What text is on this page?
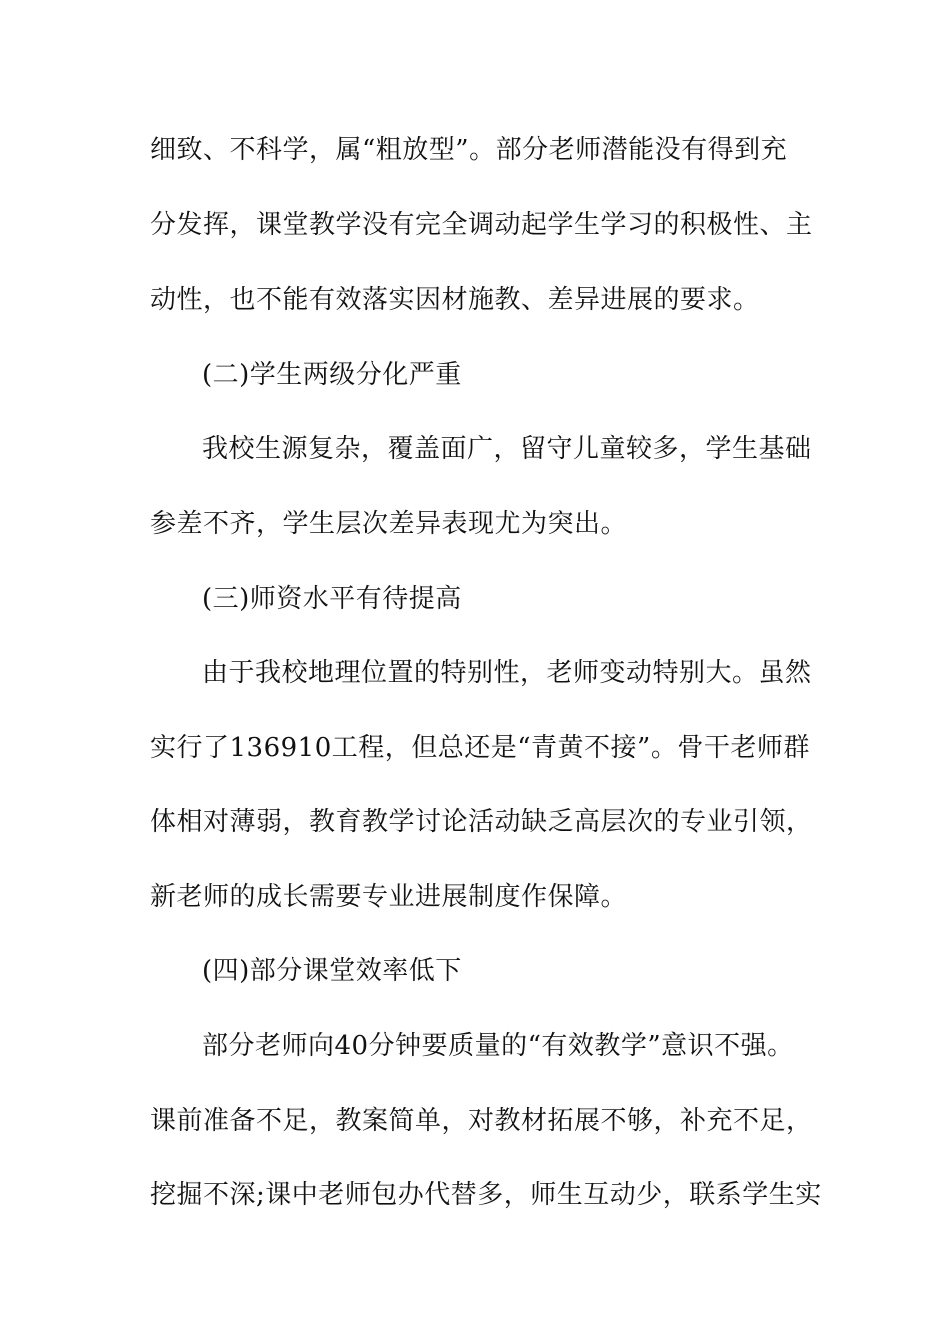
细致、不科学，属“粗放型”。部分老师潜能没有得到充
分发挥，课堂教学没有完全调动起学生学习的积极性、主
动性，也不能有效落实因材施教、差异进展的要求。
(二)学生两级分化严重
我校生源复杂，覆盖面广，留守儿童较多，学生基础
参差不齐，学生层次差异表现尤为突出。
(三)师资水平有待提高
由于我校地理位置的特别性，老师变动特别大。虽然
实行了136910工程，但总还是“青黄不接”。骨干老师群
体相对薄弱，教育教学讨论活动缺乏高层次的专业引领，
新老师的成长需要专业进展制度作保障。
(四)部分课堂效率低下
部分老师向40分钟要质量的“有效教学”意识不强。
课前准备不足，教案简单，对教材拓展不够，补充不足，
挖掘不深;课中老师包办代替多，师生互动少，联系学生实
